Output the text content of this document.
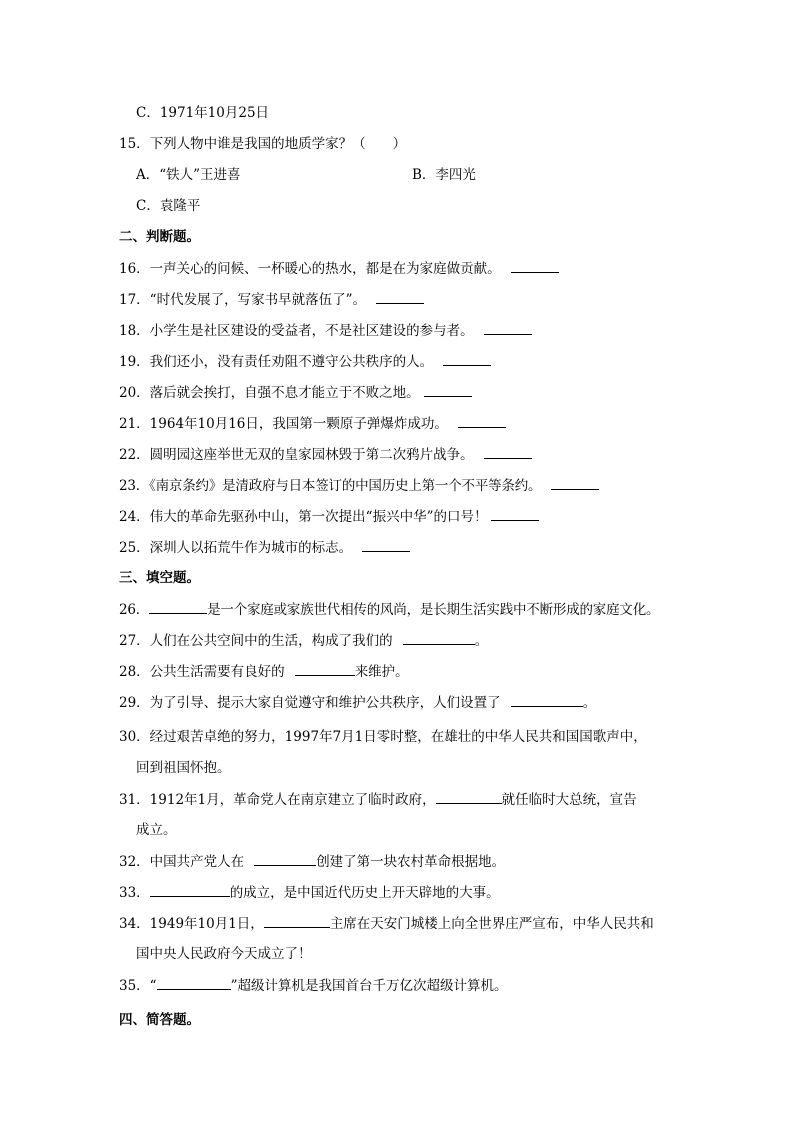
C．1971年10月25日
15．下列人物中谁是我国的地质学家？（　　）
A．“铁人”王进喜	B．李四光
C．袁隆平
二、判断题。
16．一声关心的问候、一杯暖心的热水，都是在为家庭做贡献。
17．“时代发展了，写家书早就落伍了”。
18．小学生是社区建设的受益者，不是社区建设的参与者。
19．我们还小，没有责任劝阻不遵守公共秩序的人。
20．落后就会挨打，自强不息才能立于不败之地。
21．1964年10月16日，我国第一颗原子弹爆炸成功。
22．圆明园这座举世无双的皇家园林毁于第二次鸦片战争。
23．《南京条约》是清政府与日本签订的中国历史上第一个不平等条约。
24．伟大的革命先驱孙中山，第一次提出“振兴中华”的口号！
25．深圳人以拓荒牛作为城市的标志。
三、填空题。
26．	是一个家庭或家族世代相传的风尚，是长期生活实践中不断形成的家庭文化。
27．人们在公共空间中的生活，构成了我们的	。
28．公共生活需要有良好的	来维护。
29．为了引导、提示大家自觉遵守和维护公共秩序，人们设置了	。
30．经过艰苦卓绝的努力，1997年7月1日零时整，在雄壮的中华人民共和国国歌声中，
回到祖国怀抱。
31．1912年1月，革命党人在南京建立了临时政府，	就任临时大总统，宣告
成立。
32．中国共产党人在	创建了第一块农村革命根据地。
33．	的成立，是中国近代历史上开天辟地的大事。
34．1949年10月1日，	主席在天安门城楼上向全世界庄严宣布，中华人民共和
国中央人民政府今天成立了！
35．“	”超级计算机是我国首台千万亿次超级计算机。
四、简答题。
